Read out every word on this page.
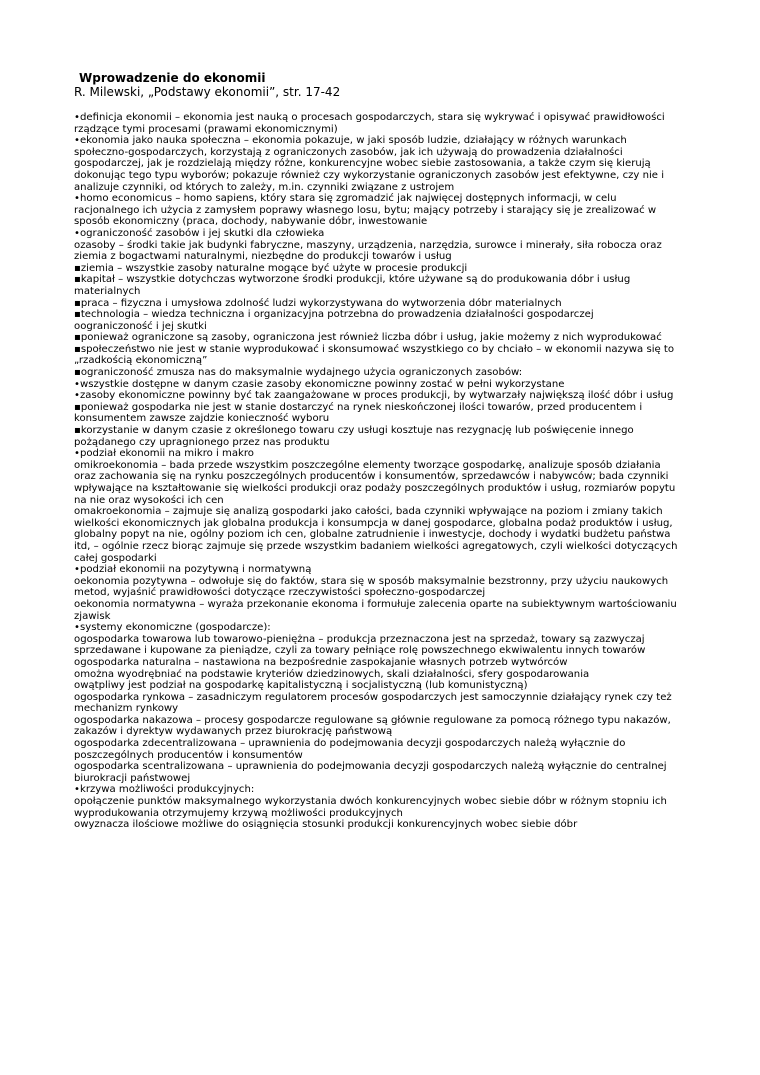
Wprowadzenie do ekonomii
R. Milewski, „Podstawy ekonomii”, str. 17-42
•definicja ekonomii – ekonomia jest nauką o procesach gospodarczych, stara się wykrywać i opisywać prawidłowości
rządzące tymi procesami (prawami ekonomicznymi)
•ekonomia jako nauka społeczna – ekonomia pokazuje, w jaki sposób ludzie, działający w różnych warunkach
społeczno-gospodarczych, korzystają z ograniczonych zasobów, jak ich używają do prowadzenia działalności
gospodarczej, jak je rozdzielają między różne, konkurencyjne wobec siebie zastosowania, a także czym się kierują
dokonując tego typu wyborów; pokazuje również czy wykorzystanie ograniczonych zasobów jest efektywne, czy nie i
analizuje czynniki, od których to zależy, m.in. czynniki związane z ustrojem
•homo economicus – homo sapiens, który stara się zgromadzić jak najwięcej dostępnych informacji, w celu
racjonalnego ich użycia z zamysłem poprawy własnego losu, bytu; mający potrzeby i starający się je zrealizować w
sposób ekonomiczny (praca, dochody, nabywanie dóbr, inwestowanie
•ograniczoność zasobów i jej skutki dla człowieka
ozasoby – środki takie jak budynki fabryczne, maszyny, urządzenia, narzędzia, surowce i minerały, siła robocza oraz
ziemia z bogactwami naturalnymi, niezbędne do produkcji towarów i usług
▪ziemia – wszystkie zasoby naturalne mogące być użyte w procesie produkcji
▪kapitał – wszystkie dotychczas wytworzone środki produkcji, które używane są do produkowania dóbr i usług
materialnych
▪praca – fizyczna i umysłowa zdolność ludzi wykorzystywana do wytworzenia dóbr materialnych
▪technologia – wiedza techniczna i organizacyjna potrzebna do prowadzenia działalności gospodarczej
oograniczoność i jej skutki
▪ponieważ ograniczone są zasoby, ograniczona jest również liczba dóbr i usług, jakie możemy z nich wyprodukować
▪społeczeństwo nie jest w stanie wyprodukować i skonsumować wszystkiego co by chciało – w ekonomii nazywa się to
„rzadkością ekonomiczną”
▪ograniczoność zmusza nas do maksymalnie wydajnego użycia ograniczonych zasobów:
•wszystkie dostępne w danym czasie zasoby ekonomiczne powinny zostać w pełni wykorzystane
•zasoby ekonomiczne powinny być tak zaangażowane w proces produkcji, by wytwarzały największą ilość dóbr i usług
▪ponieważ gospodarka nie jest w stanie dostarczyć na rynek nieskończonej ilości towarów, przed producentem i
konsumentem zawsze zajdzie konieczność wyboru
▪korzystanie w danym czasie z określonego towaru czy usługi kosztuje nas rezygnację lub poświęcenie innego
pożądanego czy upragnionego przez nas produktu
•podział ekonomii na mikro i makro
omikroekonomia – bada przede wszystkim poszczególne elementy tworzące gospodarkę, analizuje sposób działania
oraz zachowania się na rynku poszczególnych producentów i konsumentów, sprzedawców i nabywców; bada czynniki
wpływające na kształtowanie się wielkości produkcji oraz podaży poszczególnych produktów i usług, rozmiarów popytu
na nie oraz wysokości ich cen
omakroekonomia – zajmuje się analizą gospodarki jako całości, bada czynniki wpływające na poziom i zmiany takich
wielkości ekonomicznych jak globalna produkcja i konsumpcja w danej gospodarce, globalna podaż produktów i usług,
globalny popyt na nie, ogólny poziom ich cen, globalne zatrudnienie i inwestycje, dochody i wydatki budżetu państwa
itd, – ogólnie rzecz biorąc zajmuje się przede wszystkim badaniem wielkości agregatowych, czyli wielkości dotyczących
całej gospodarki
•podział ekonomii na pozytywną i normatywną
oekonomia pozytywna – odwołuje się do faktów, stara się w sposób maksymalnie bezstronny, przy użyciu naukowych
metod, wyjaśnić prawidłowości dotyczące rzeczywistości społeczno-gospodarczej
oekonomia normatywna – wyraża przekonanie ekonoma i formułuje zalecenia oparte na subiektywnym wartościowaniu
zjawisk
•systemy ekonomiczne (gospodarcze):
ogospodarka towarowa lub towarowo-pieniężna – produkcja przeznaczona jest na sprzedaż, towary są zazwyczaj
sprzedawane i kupowane za pieniądze, czyli za towary pełniące rolę powszechnego ekwiwalentu innych towarów
ogospodarka naturalna – nastawiona na bezpośrednie zaspokajanie własnych potrzeb wytwórców
omożna wyodrębniać na podstawie kryteriów dziedzinowych, skali działalności, sfery gospodarowania
owątpliwy jest podział na gospodarkę kapitalistyczną i socjalistyczną (lub komunistyczną)
ogospodarka rynkowa – zasadniczym regulatorem procesów gospodarczych jest samoczynnie działający rynek czy też
mechanizm rynkowy
ogospodarka nakazowa – procesy gospodarcze regulowane są głównie regulowane za pomocą różnego typu nakazów,
zakazów i dyrektyw wydawanych przez biurokrację państwową
ogospodarka zdecentralizowana – uprawnienia do podejmowania decyzji gospodarczych należą wyłącznie do
poszczególnych producentów i konsumentów
ogospodarka scentralizowana – uprawnienia do podejmowania decyzji gospodarczych należą wyłącznie do centralnej
biurokracji państwowej
•krzywa możliwości produkcyjnych:
opołączenie punktów maksymalnego wykorzystania dwóch konkurencyjnych wobec siebie dóbr w różnym stopniu ich
wyprodukowania otrzymujemy krzywą możliwości produkcyjnych
owyznacza ilościowe możliwe do osiągnięcia stosunki produkcji konkurencyjnych wobec siebie dóbr
